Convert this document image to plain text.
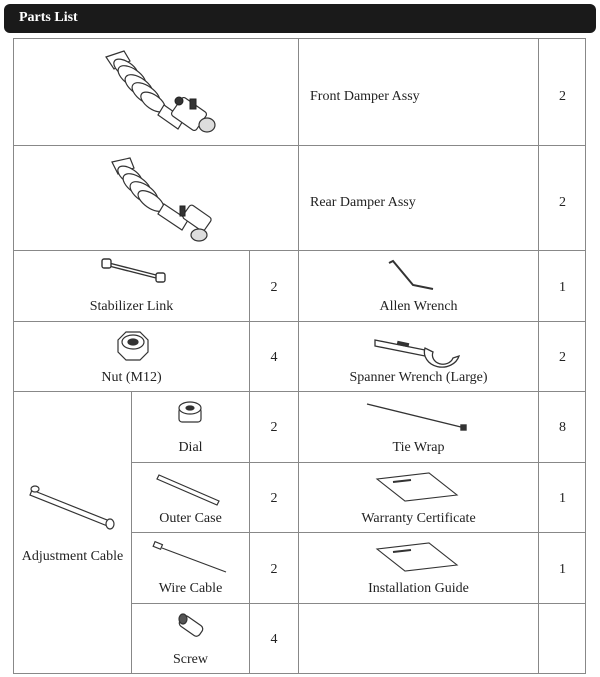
Parts List
Front Damper Assy	2
Rear Damper Assy	2
Stabilizer Link
2
Allen Wrench
1
Nut (M12)
4
Spanner Wrench (Large)
2
Adjustment Cable
Dial
2
Tie Wrap
8
Outer Case
2
Warranty Certificate
1
Wire Cable
2
Installation Guide
1
Screw
4
